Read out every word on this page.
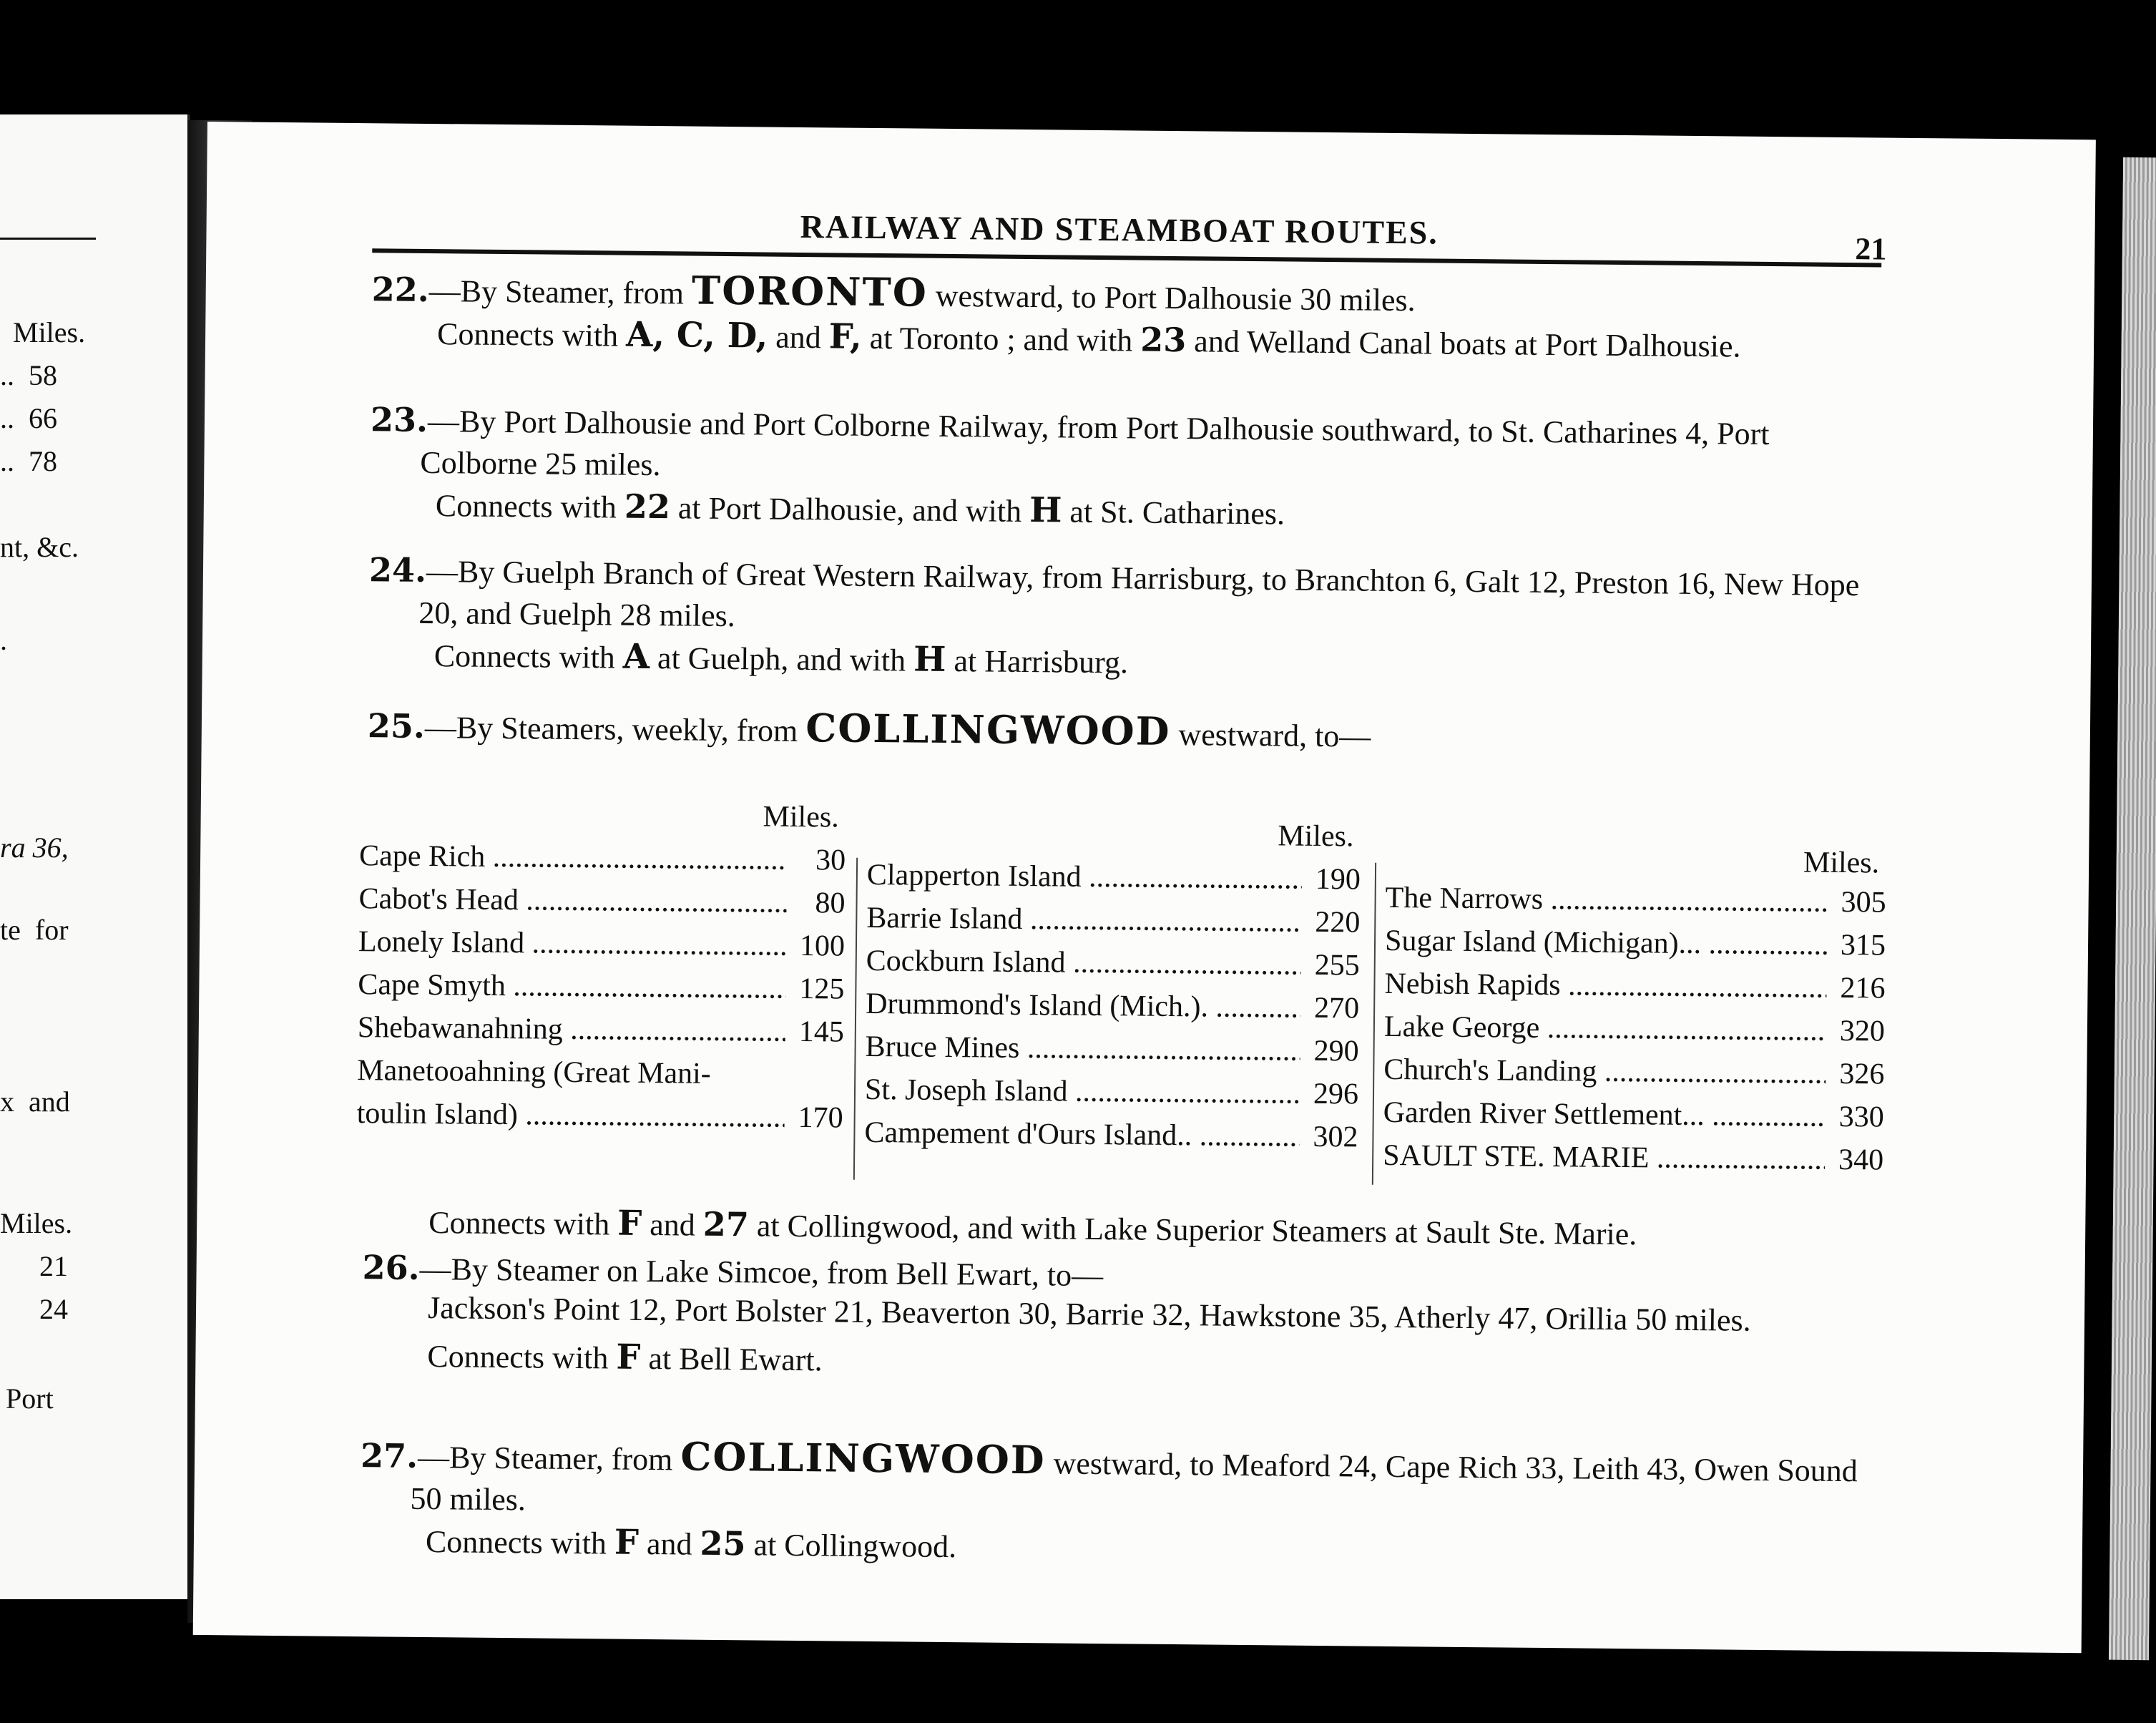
Miles.
..  58
..  66
..  78
nt, &c.
.
ra 36,
te  for
x  and
Miles.
21
24
Port
RAILWAY AND STEAMBOAT ROUTES.	21

22.—By Steamer, from TORONTO westward, to Port Dalhousie 30 miles.

Connects with A, C, D, and F, at Toronto ; and with 23 and Welland Canal boats at Port Dalhousie.

23.—By Port Dalhousie and Port Colborne Railway, from Port Dalhousie southward, to St. Catharines 4, Port Colborne 25 miles.

Connects with 22 at Port Dalhousie, and with H at St. Catharines.

24.—By Guelph Branch of Great Western Railway, from Harrisburg, to Branchton 6, Galt 12, Preston 16, New Hope 20, and Guelph 28 miles.

Connects with A at Guelph, and with H at Harrisburg.

25.—By Steamers, weekly, from COLLINGWOOD westward, to—

Miles.
Cape Rich .....	30
Cabot's Head .....	80
Lonely Island .....	100
Cape Smyth .....	125
Shebawanahning .....	145
Manetooahning (Great Mani-
toulin Island) .....	170
Miles.
Clapperton Island .....	190
Barrie Island .....	220
Cockburn Island .....	255
Drummond's Island (Mich.). .....	270
Bruce Mines .....	290
St. Joseph Island .....	296
Campement d'Ours Island.. .....	302
Miles.
The Narrows .....	305
Sugar Island (Michigan)... .....	315
Nebish Rapids .....	216
Lake George .....	320
Church's Landing .....	326
Garden River Settlement... .....	330
SAULT STE. MARIE .....	340

Connects with F and 27 at Collingwood, and with Lake Superior Steamers at Sault Ste. Marie.

26.—By Steamer on Lake Simcoe, from Bell Ewart, to—

Jackson's Point 12, Port Bolster 21, Beaverton 30, Barrie 32, Hawkstone 35, Atherly 47, Orillia 50 miles.

Connects with F at Bell Ewart.

27.—By Steamer, from COLLINGWOOD westward, to Meaford 24, Cape Rich 33, Leith 43, Owen Sound 50 miles.

Connects with F and 25 at Collingwood.
